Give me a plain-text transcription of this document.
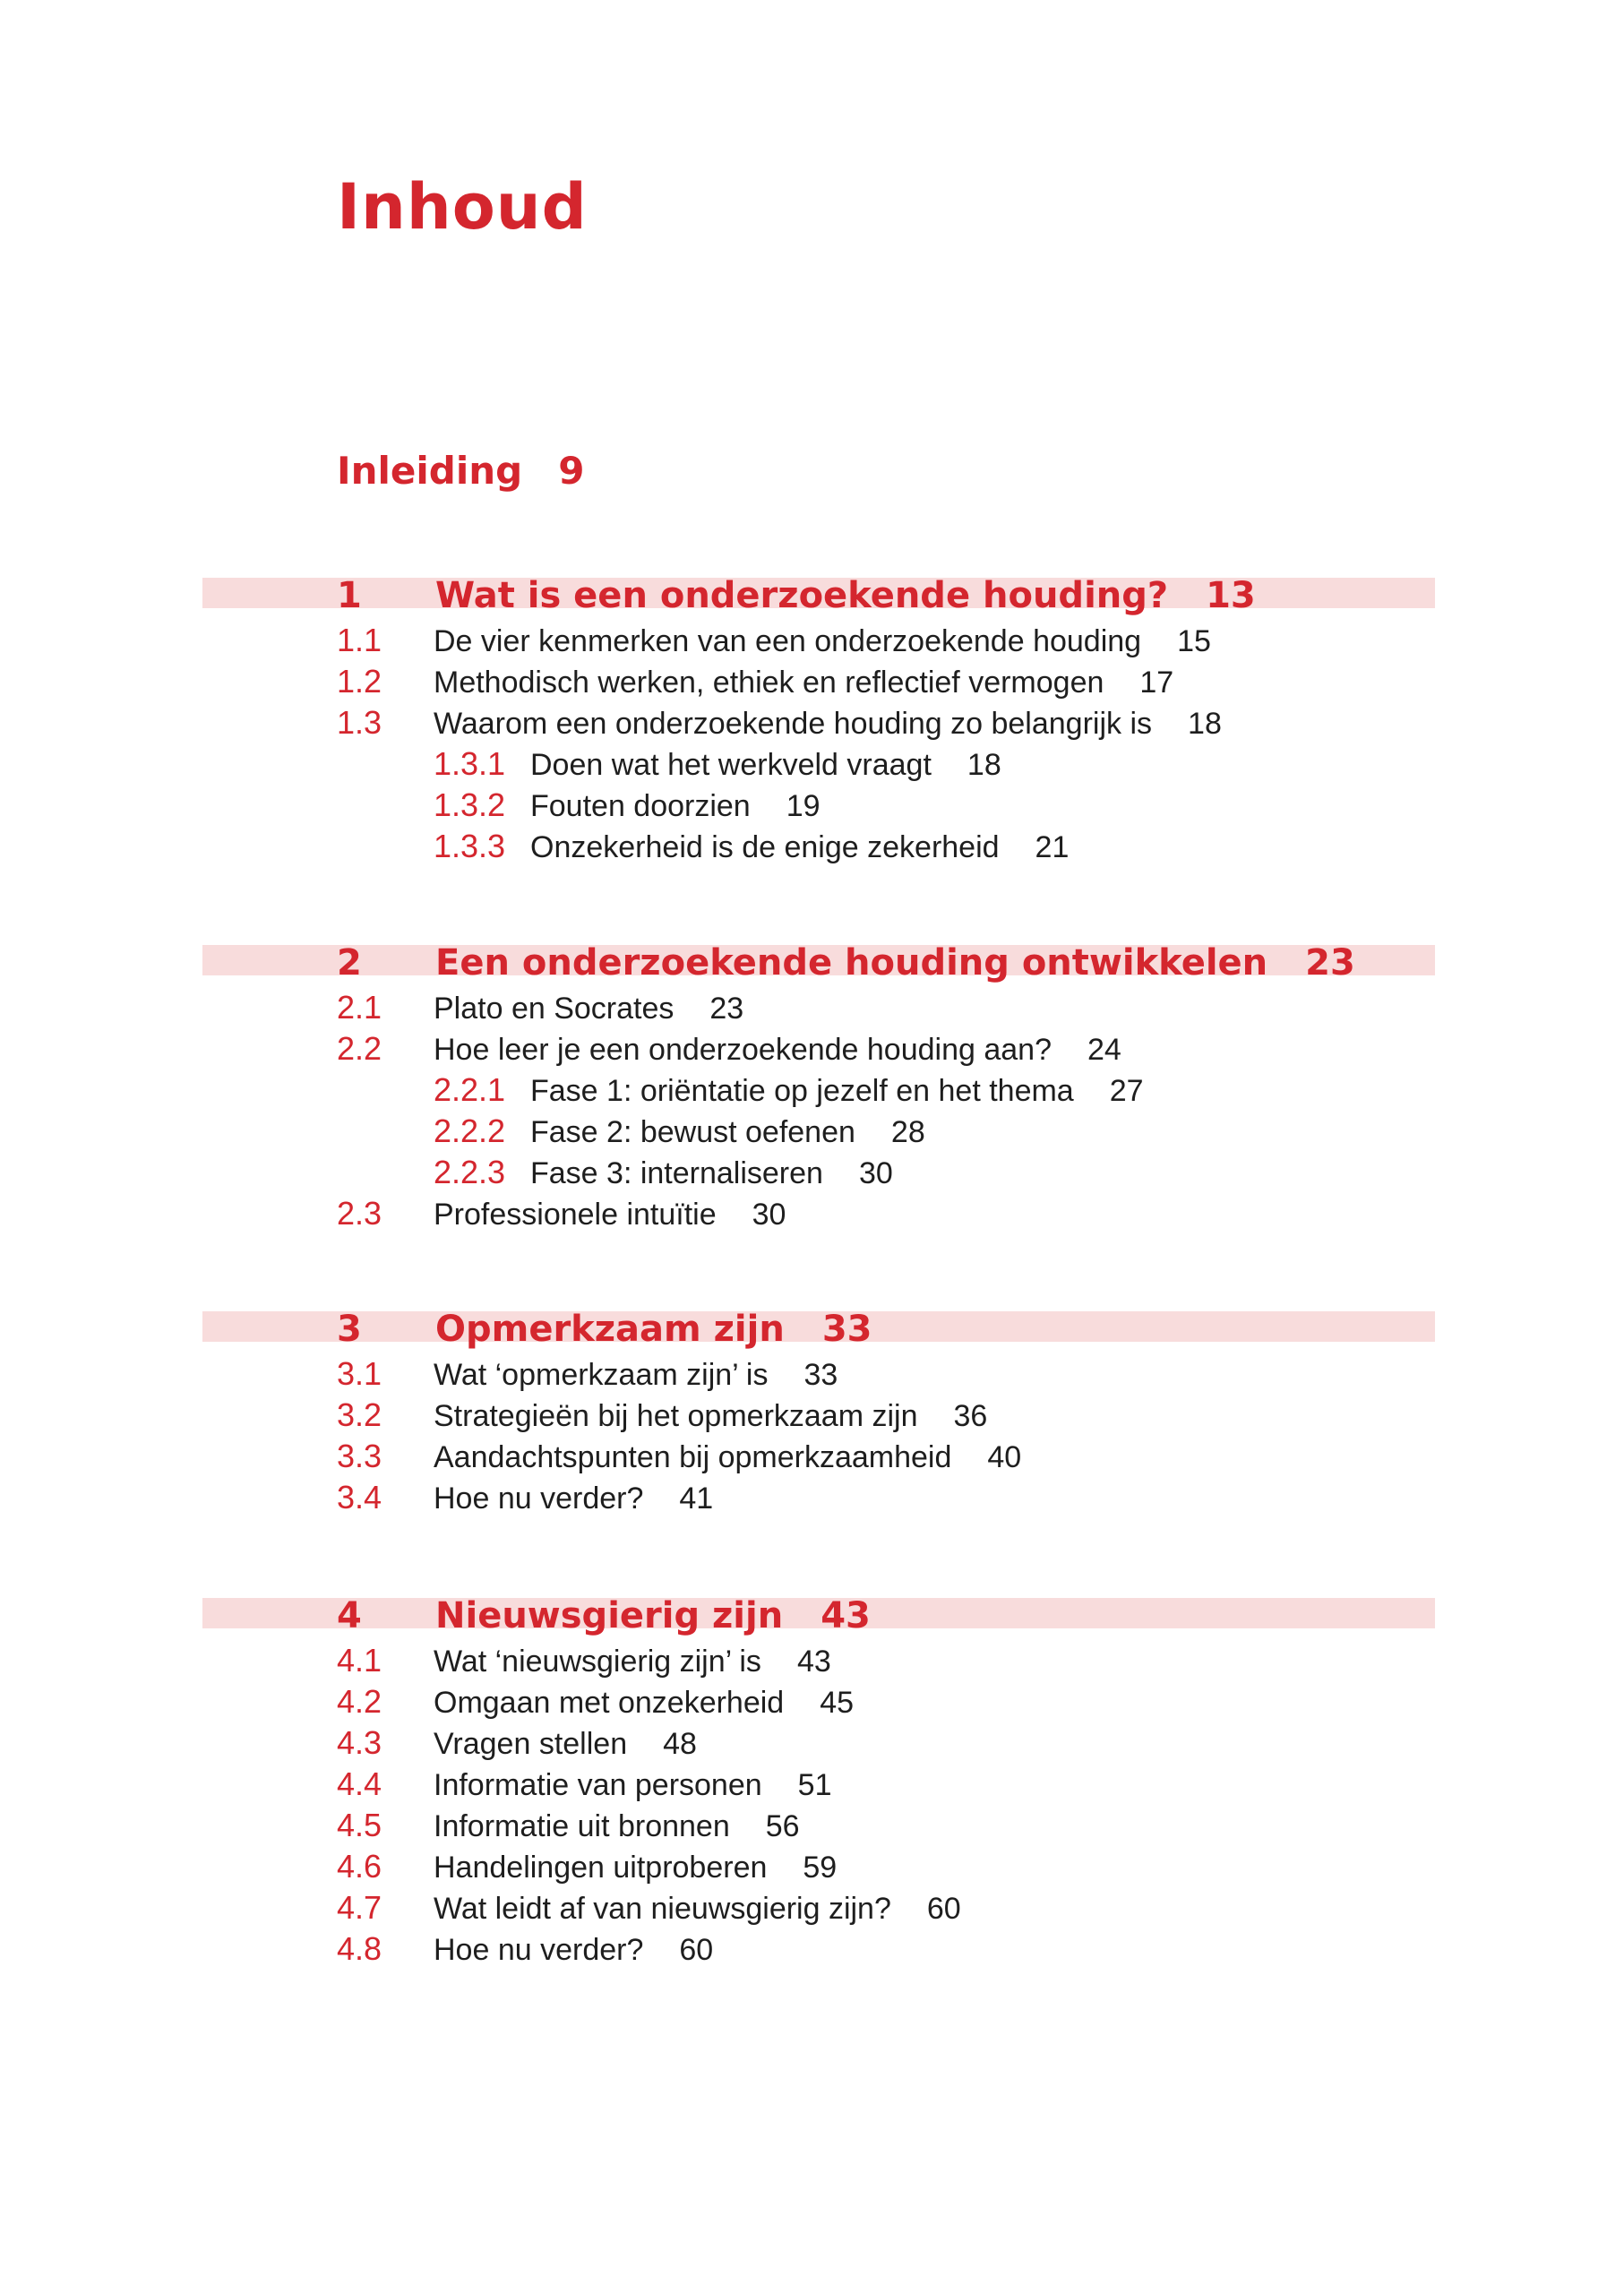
Inhoud
Inleiding 9
1 Wat is een onderzoekende houding? 13
1.1 De vier kenmerken van een onderzoekende houding 15
1.2 Methodisch werken, ethiek en reflectief vermogen 17
1.3 Waarom een onderzoekende houding zo belangrijk is 18
1.3.1 Doen wat het werkveld vraagt 18
1.3.2 Fouten doorzien 19
1.3.3 Onzekerheid is de enige zekerheid 21
2 Een onderzoekende houding ontwikkelen 23
2.1 Plato en Socrates 23
2.2 Hoe leer je een onderzoekende houding aan? 24
2.2.1 Fase 1: oriëntatie op jezelf en het thema 27
2.2.2 Fase 2: bewust oefenen 28
2.2.3 Fase 3: internaliseren 30
2.3 Professionele intuïtie 30
3 Opmerkzaam zijn 33
3.1 Wat ‘opmerkzaam zijn’ is 33
3.2 Strategieën bij het opmerkzaam zijn 36
3.3 Aandachtspunten bij opmerkzaamheid 40
3.4 Hoe nu verder? 41
4 Nieuwsgierig zijn 43
4.1 Wat ‘nieuwsgierig zijn’ is 43
4.2 Omgaan met onzekerheid 45
4.3 Vragen stellen 48
4.4 Informatie van personen 51
4.5 Informatie uit bronnen 56
4.6 Handelingen uitproberen 59
4.7 Wat leidt af van nieuwsgierig zijn? 60
4.8 Hoe nu verder? 60
